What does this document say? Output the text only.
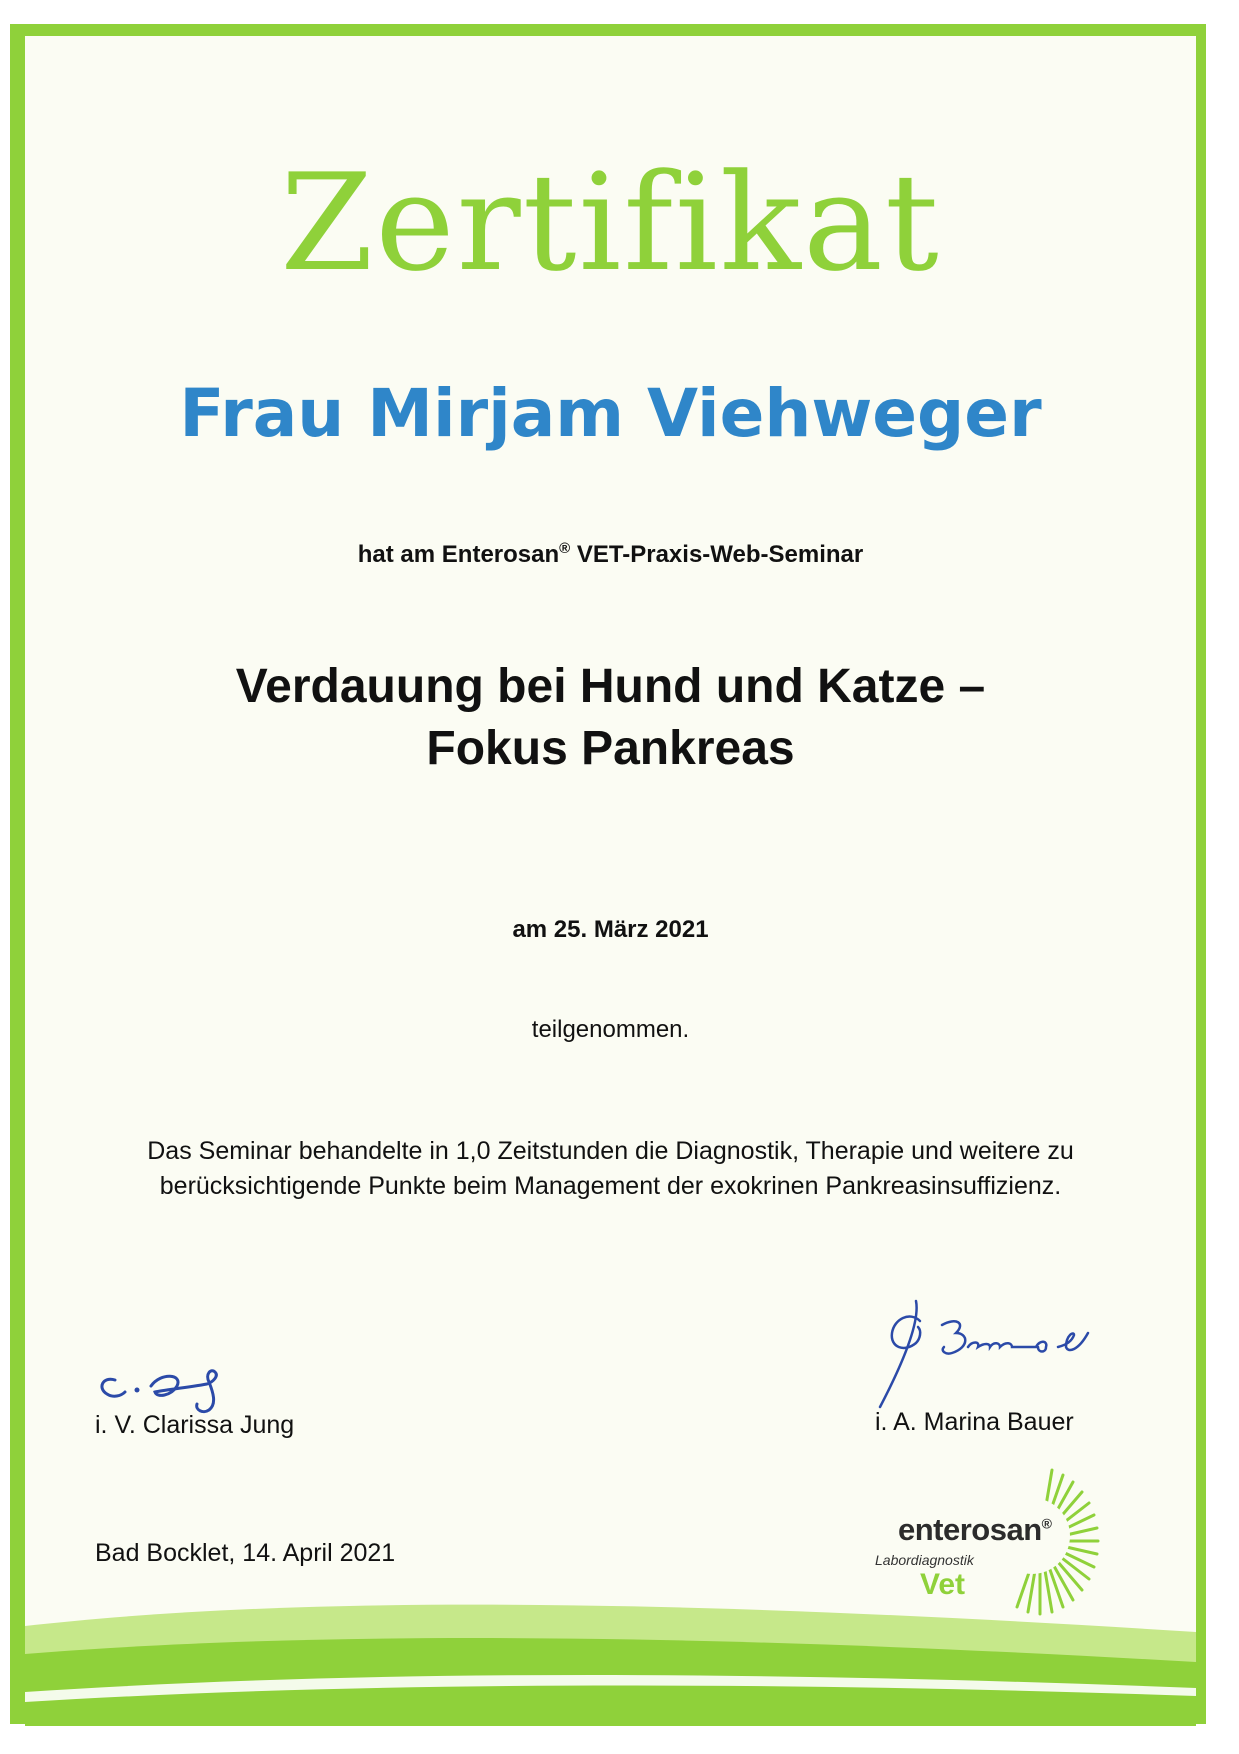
Zertifikat
Frau Mirjam Viehweger
hat am Enterosan® VET-Praxis-Web-Seminar
Verdauung bei Hund und Katze –
Fokus Pankreas
am 25. März 2021
teilgenommen.
Das Seminar behandelte in 1,0 Zeitstunden die Diagnostik, Therapie und weitere zu
berücksichtigende Punkte beim Management der exokrinen Pankreasinsuffizienz.
i. V. Clarissa Jung	i. A. Marina Bauer
Bad Bocklet, 14. April 2021
enterosan®
Labordiagnostik
Vet
